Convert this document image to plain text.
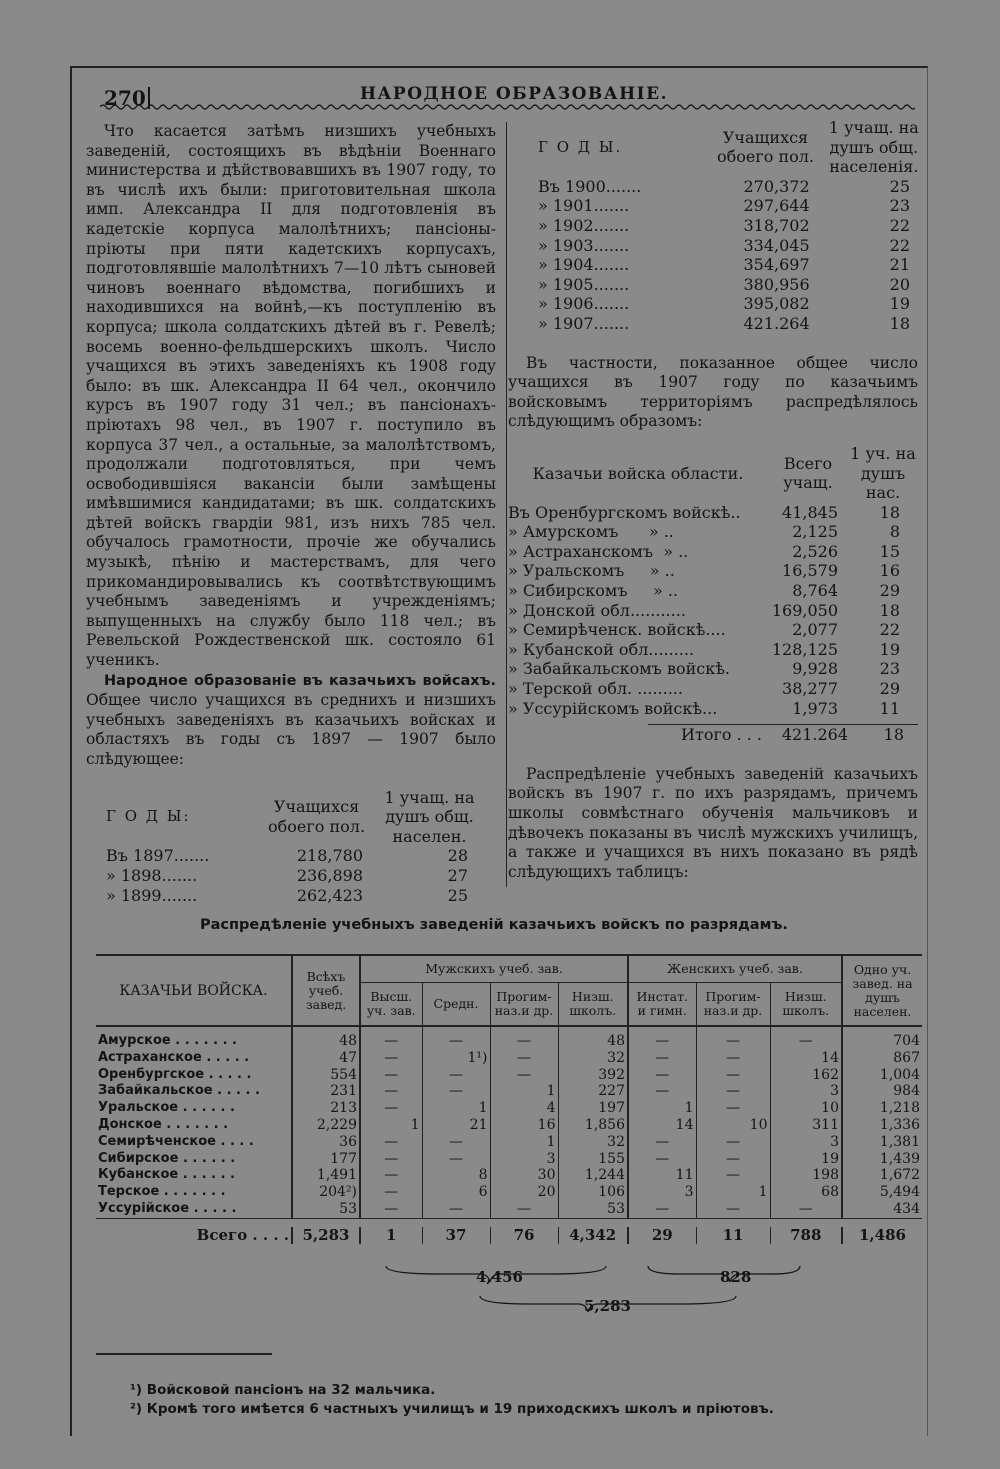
270	НАРОДНОЕ ОБРАЗОВАНІЕ.

Что касается затѣмъ низшихъ учебныхъ заведеній, состоящихъ въ вѣдѣніи Военнаго министерства и дѣйствовавшихъ въ 1907 году, то въ числѣ ихъ были: приготовительная школа имп. Александра II для подготовленія въ кадетскіе корпуса малолѣтнихъ; пансіоны-пріюты при пяти кадетскихъ корпусахъ, подготовлявшіе малолѣтнихъ 7—10 лѣтъ сыновей чиновъ военнаго вѣдомства, погибшихъ и находившихся на войнѣ,—къ поступленію въ корпуса; школа солдатскихъ дѣтей въ г. Ревелѣ; восемь военно-фельдшерскихъ школъ. Число учащихся въ этихъ заведеніяхъ къ 1908 году было: въ шк. Александра II 64 чел., окончило курсъ въ 1907 году 31 чел.; въ пансіонахъ-пріютахъ 98 чел., въ 1907 г. поступило въ корпуса 37 чел., а остальные, за малолѣтствомъ, продолжали подготовляться, при чемъ освободившіяся вакансіи были замѣщены имѣвшимися кандидатами; въ шк. солдатскихъ дѣтей войскъ гвардіи 981, изъ нихъ 785 чел. обучалось грамотности, прочіе же обучались музыкѣ, пѣнію и мастерствамъ, для чего прикомандировывались къ соотвѣтствующимъ учебнымъ заведеніямъ и учрежденіямъ; выпущенныхъ на службу было 118 чел.; въ Ревельской Рождественской шк. состояло 61 ученикъ.

Народное образованіе въ казачьихъ войсахъ. Общее число учащихся въ среднихъ и низшихъ учебныхъ заведеніяхъ въ казачьихъ войсках и областяхъ въ годы съ 1897 — 1907 было слѣдующее:

Г О Д Ы:	Учащихся обоего пол.	1 учащ. на душъ общ. населен.
Въ 1897.......	218,780	28
» 1898.......	236,898	27
» 1899.......	262,423	25
Г О Д Ы.	Учащихся обоего пол.	1 учащ. на душъ общ. населенія.
Въ 1900.......	270,372	25
» 1901.......	297,644	23
» 1902.......	318,702	22
» 1903.......	334,045	22
» 1904.......	354,697	21
» 1905.......	380,956	20
» 1906.......	395,082	19
» 1907.......	421.264	18

Въ частности, показанное общее число учащихся въ 1907 году по казачьимъ войсковымъ территоріямъ распредѣлялось слѣдующимъ образомъ:

Казачьи войска области.	Всего учащ.	1 уч. на душъ нас.
Въ Оренбургскомъ войскѣ..	41,845	18
» Амурскомъ      » ..	2,125	8
» Астраханскомъ  » ..	2,526	15
» Уральскомъ     » ..	16,579	16
» Сибирскомъ     » ..	8,764	29
» Донской обл...........	169,050	18
» Семирѣченск. войскѣ....	2,077	22
» Кубанской обл.........	128,125	19
» Забайкальскомъ войскѣ.	9,928	23
» Терской обл. .........	38,277	29
» Уссурійскомъ войскѣ...	1,973	11

Итого . . .	421.264	18

Распредѣленіе учебныхъ заведеній казачьихъ войскъ въ 1907 г. по ихъ разрядамъ, причемъ школы совмѣстнаго обученія мальчиковъ и дѣвочекъ показаны въ числѣ мужскихъ училищъ, а также и учащихся въ нихъ показано въ рядѣ слѣдующихъ таблицъ:

Распредѣленіе учебныхъ заведеній казачьихъ войскъ по разрядамъ.
КАЗАЧЬИ ВОЙСКА.	Всѣхъ учеб. завед.	Мужскихъ учеб. зав.				Женскихъ учеб. зав.			Одно уч. завед. на душъ населен.
		Высш. уч. зав.	Средн.	Прогим-наз.и др.	Низш. школъ.	Инстат. и гимн.	Прогим-наз.и др.	Низш. школъ.	
Амурское . . . . . . .	48	—	—	—	48	—	—	—	704
Астраханское . . . . .	47	—	1¹)	—	32	—	—	14	867
Оренбургское . . . . .	554	—	—	—	392	—	—	162	1,004
Забайкальское . . . . .	231	—	—	1	227	—	—	3	984
Уральское . . . . . .	213	—	1	4	197	1	—	10	1,218
Донское . . . . . . .	2,229	1	21	16	1,856	14	10	311	1,336
Семирѣченское . . . .	36	—	—	1	32	—	—	3	1,381
Сибирское . . . . . .	177	—	—	3	155	—	—	19	1,439
Кубанское . . . . . .	1,491	—	8	30	1,244	11	—	198	1,672
Терское . . . . . . .	204²)	—	6	20	106	3	1	68	5,494
Уссурійское . . . . .	53	—	—	—	53	—	—	—	434

Всего . . . .	5,283	1	37	76	4,342	29	11	788	1,486
4,456	828
5,283
¹) Войсковой пансіонъ на 32 мальчика.
²) Кромѣ того имѣется 6 частныхъ училищъ и 19 приходскихъ школъ и пріютовъ.
